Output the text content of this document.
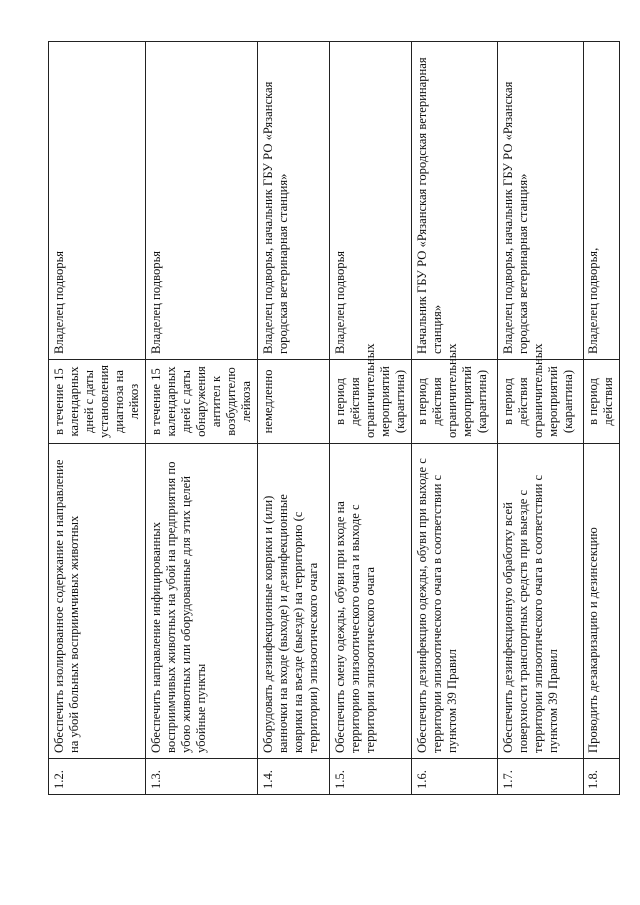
1.2.	Обеспечить изолированное содержание и направление на убой больных восприимчивых животных	в течение 15 календарных дней с даты установления диагноза на лейкоз	Владелец подворья
1.3.	Обеспечить направление инфицированных восприимчивых животных на убой на предприятия по убою животных или оборудованные для этих целей убойные пункты	в течение 15 календарных дней с даты обнаружения антител к возбудителю лейкоза	Владелец подворья
1.4.	Оборудовать дезинфекционные коврики и (или) ванночки на входе (выходе) и дезинфекционные коврики на въезде (выезде) на территорию (с территории) эпизоотического очага	немедленно	Владелец подворья, начальник ГБУ РО «Рязанская городская ветеринарная станция»
1.5.	Обеспечить смену одежды, обуви при входе на территорию эпизоотического очага и выходе с территории эпизоотического очага	в период действия ограничительных мероприятий (карантина)	Владелец подворья
1.6.	Обеспечить дезинфекцию одежды, обуви при выходе с территории эпизоотического очага в соответствии с пунктом 39 Правил	в период действия ограничительных мероприятий (карантина)	Начальник ГБУ РО «Рязанская городская ветеринарная станция»
1.7.	Обеспечить дезинфекционную обработку всей поверхности транспортных средств при выезде с территории эпизоотического очага в соответствии с пунктом 39 Правил	в период действия ограничительных мероприятий (карантина)	Владелец подворья, начальник ГБУ РО «Рязанская городская ветеринарная станция»
1.8.	Проводить дезакаризацию и дезинсекцию	в период действия	Владелец подворья,
